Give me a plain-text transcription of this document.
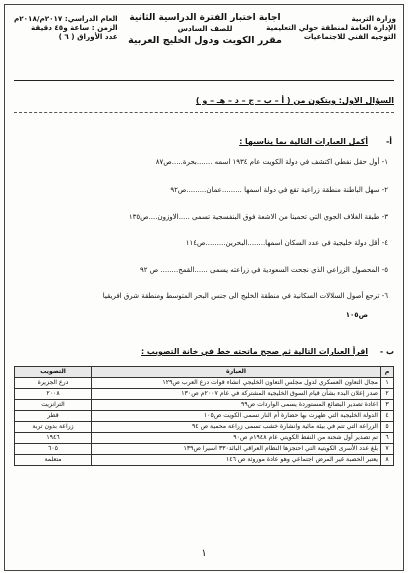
وزارة التربية
الإدارة العامة لمنطقة حولي التعليمية
التوجيه الفني للاجتماعيات
اجابة اختبار الفترة الدراسية الثانية
للصف السادس
مقرر الكويت ودول الخليج العربية
العام الدراسي: ٢٠١٧م/٢٠١٨م
الزمن : ساعة و٤٥ دقيقة
عدد الأوراق ( ٦ )
السؤال الاول: ويتكون من ( أ – ب – ج – د – هـ – و )
أ-
أكمل العبارات التالية بما يناسبها :
١- أول حقل نفطي اكتشف في دولة الكويت عام ١٩٣٤ اسمه .......بحرة.....ص٨٧
٢- سهل الباطنة منطقة زراعية تقع في دولة اسمها .........عمان.........ص٩٢
٣- طبقة الغلاف الجوي التي تحمينا من الاشعة فوق البنفسجية تسمى .....الاوزون....ص١٣٥
٤- أقل دولة خليجية في عدد السكان اسمها........البحرين.........ص١١٤
٥- المحصول الزراعي الذي نجحت السعودية في زراعته يسمى ......القمح........ ص ٩٢
٦- ترجع أصول السلالات السكانية في منطقة الخليج الى جنس البحر المتوسط ومنطقة شرق افريقيا
ص١٠٥
ب -
اقرأ العبارات التالية ثم صحح ماتحته خط في خانة التصويب :
م	العبارة	التصويب
١	مجال التعاون العسكري لدول مجلس التعاون الخليجي انشاء قوات درع العرب ص١٢٩	درع الجزيرة
٢	صدر إعلان البدء بشأن قيام السوق الخليجية المشتركة في عام ٢٠٠٧م ص١٣٠	٢٠٠٨
٣	اعادة تصدير البضائع المستوردة يسمى الواردات ص٩٩	الترانزيت
٤	الدولة الخليجية التي ظهرت بها حضارة أم النار تسمى الكويت ص١٠٥	قطر
٥	الزراعة التي تتم في بيئة مائية وانشارة خشب تسمى زراعة محمية ص ٩٤	زراعة بدون تربة
٦	تم تصدير أول شحنة من النفط الكويتي عام ١٩٤٨م ص٩٠	١٩٤٦
٧	بلغ عدد الأسرى الكويتية التي احتجزها النظام العراقي البائد٣٣٠ اسيرا ص١٣٩	٦٠٥
٨	يعتبر الحصبة غير المرض اجتماعي وهو عادة موروثة ص ١٤٦	متعلمة
١
